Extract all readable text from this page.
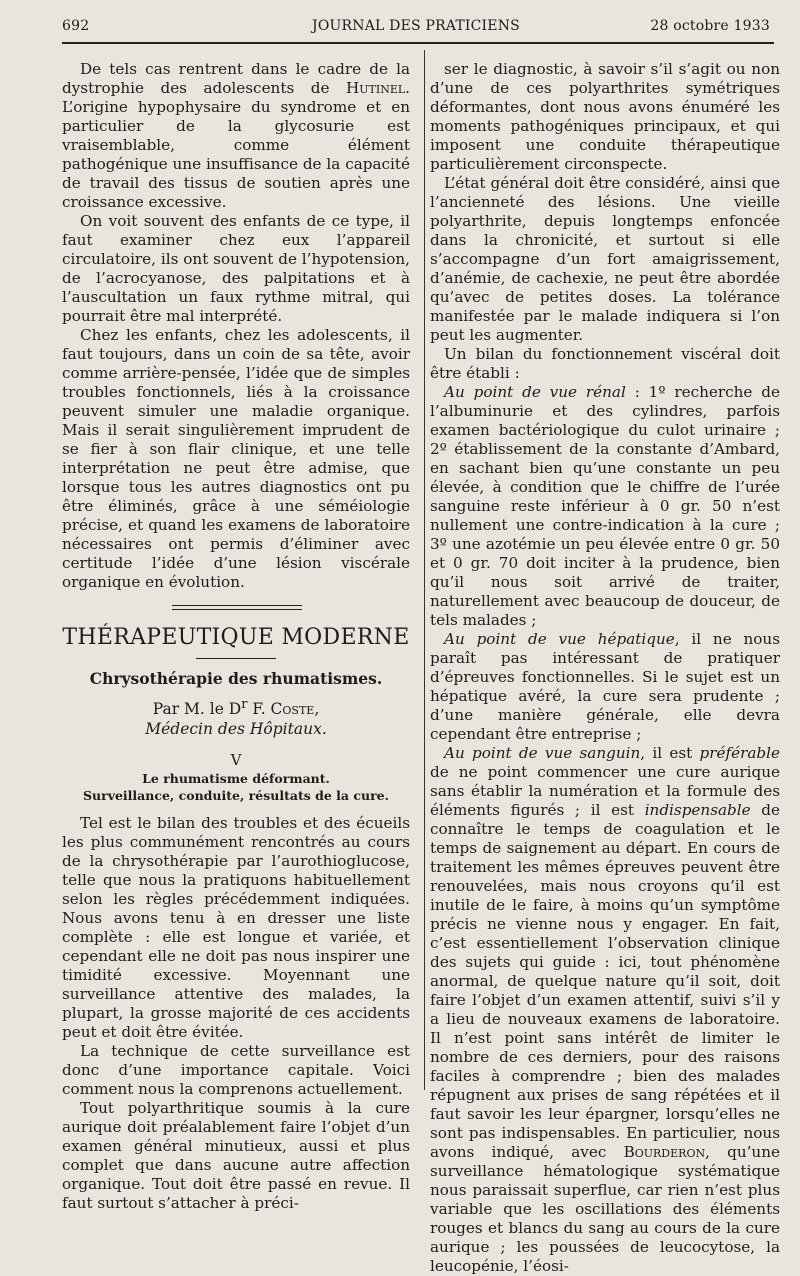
692	JOURNAL DES PRATICIENS	28 octobre 1933

De tels cas rentrent dans le cadre de la dystrophie des adolescents de Hutinel. L’origine hypophysaire du syndrome et en particulier de la glycosurie est vraisemblable, comme élément pathogénique une insuffisance de la capacité de travail des tissus de soutien après une croissance excessive.

On voit souvent des enfants de ce type, il faut examiner chez eux l’appareil circulatoire, ils ont souvent de l’hypotension, de l’acrocyanose, des palpitations et à l’auscultation un faux rythme mitral, qui pourrait être mal interprété.

Chez les enfants, chez les adolescents, il faut toujours, dans un coin de sa tête, avoir comme arrière-pensée, l’idée que de simples troubles fonctionnels, liés à la croissance peuvent simuler une maladie organique. Mais il serait singulièrement imprudent de se fier à son flair clinique, et une telle interprétation ne peut être admise, que lorsque tous les autres diagnostics ont pu être éliminés, grâce à une séméiologie précise, et quand les examens de laboratoire nécessaires ont permis d’éliminer avec certitude l’idée d’une lésion viscérale organique en évolution.

THÉRAPEUTIQUE MODERNE
Chrysothérapie des rhumatismes.
Par M. le $D^r$ F. Coste,
Médecin des Hôpitaux.
V
Le rhumatisme déformant.
Surveillance, conduite, résultats de la cure.

Tel est le bilan des troubles et des écueils les plus communément rencontrés au cours de la chrysothérapie par l’aurothioglucose, telle que nous la pratiquons habituellement selon les règles précédemment indiquées. Nous avons tenu à en dresser une liste complète : elle est longue et variée, et cependant elle ne doit pas nous inspirer une timidité excessive. Moyennant une surveillance attentive des malades, la plupart, la grosse majorité de ces accidents peut et doit être évitée.

La technique de cette surveillance est donc d’une importance capitale. Voici comment nous la comprenons actuellement.

Tout polyarthritique soumis à la cure aurique doit préalablement faire l’objet d’un examen général minutieux, aussi et plus complet que dans aucune autre affection organique. Tout doit être passé en revue. Il faut surtout s’attacher à préci-

ser le diagnostic, à savoir s’il s’agit ou non d’une de ces polyarthrites symétriques déformantes, dont nous avons énuméré les moments pathogéniques principaux, et qui imposent une conduite thérapeutique particulièrement circonspecte.

L’état général doit être considéré, ainsi que l’ancienneté des lésions. Une vieille polyarthrite, depuis longtemps enfoncée dans la chronicité, et surtout si elle s’accompagne d’un fort amaigrissement, d’anémie, de cachexie, ne peut être abordée qu’avec de petites doses. La tolérance manifestée par le malade indiquera si l’on peut les augmenter.

Un bilan du fonctionnement viscéral doit être établi :

Au point de vue rénal : 1º recherche de l’albuminurie et des cylindres, parfois examen bactériologique du culot urinaire ; 2º établissement de la constante d’Ambard, en sachant bien qu’une constante un peu élevée, à condition que le chiffre de l’urée sanguine reste inférieur à 0 gr. 50 n’est nullement une contre-indication à la cure ; 3º une azotémie un peu élevée entre 0 gr. 50 et 0 gr. 70 doit inciter à la prudence, bien qu’il nous soit arrivé de traiter, naturellement avec beaucoup de douceur, de tels malades ;

Au point de vue hépatique, il ne nous paraît pas intéressant de pratiquer d’épreuves fonctionnelles. Si le sujet est un hépatique avéré, la cure sera prudente ; d’une manière générale, elle devra cependant être entreprise ;

Au point de vue sanguin, il est préférable de ne point commencer une cure aurique sans établir la numération et la formule des éléments figurés ; il est indispensable de connaître le temps de coagulation et le temps de saignement au départ. En cours de traitement les mêmes épreuves peuvent être renouvelées, mais nous croyons qu’il est inutile de le faire, à moins qu’un symptôme précis ne vienne nous y engager. En fait, c’est essentiellement l’observation clinique des sujets qui guide : ici, tout phénomène anormal, de quelque nature qu’il soit, doit faire l’objet d’un examen attentif, suivi s’il y a lieu de nouveaux examens de laboratoire. Il n’est point sans intérêt de limiter le nombre de ces derniers, pour des raisons faciles à comprendre ; bien des malades répugnent aux prises de sang répétées et il faut savoir les leur épargner, lorsqu’elles ne sont pas indispensables. En particulier, nous avons indiqué, avec Bourderon, qu’une surveillance hématologique systématique nous paraissait superflue, car rien n’est plus variable que les oscillations des éléments rouges et blancs du sang au cours de la cure aurique ; les poussées de leucocytose, la leucopénie, l’éosi-
